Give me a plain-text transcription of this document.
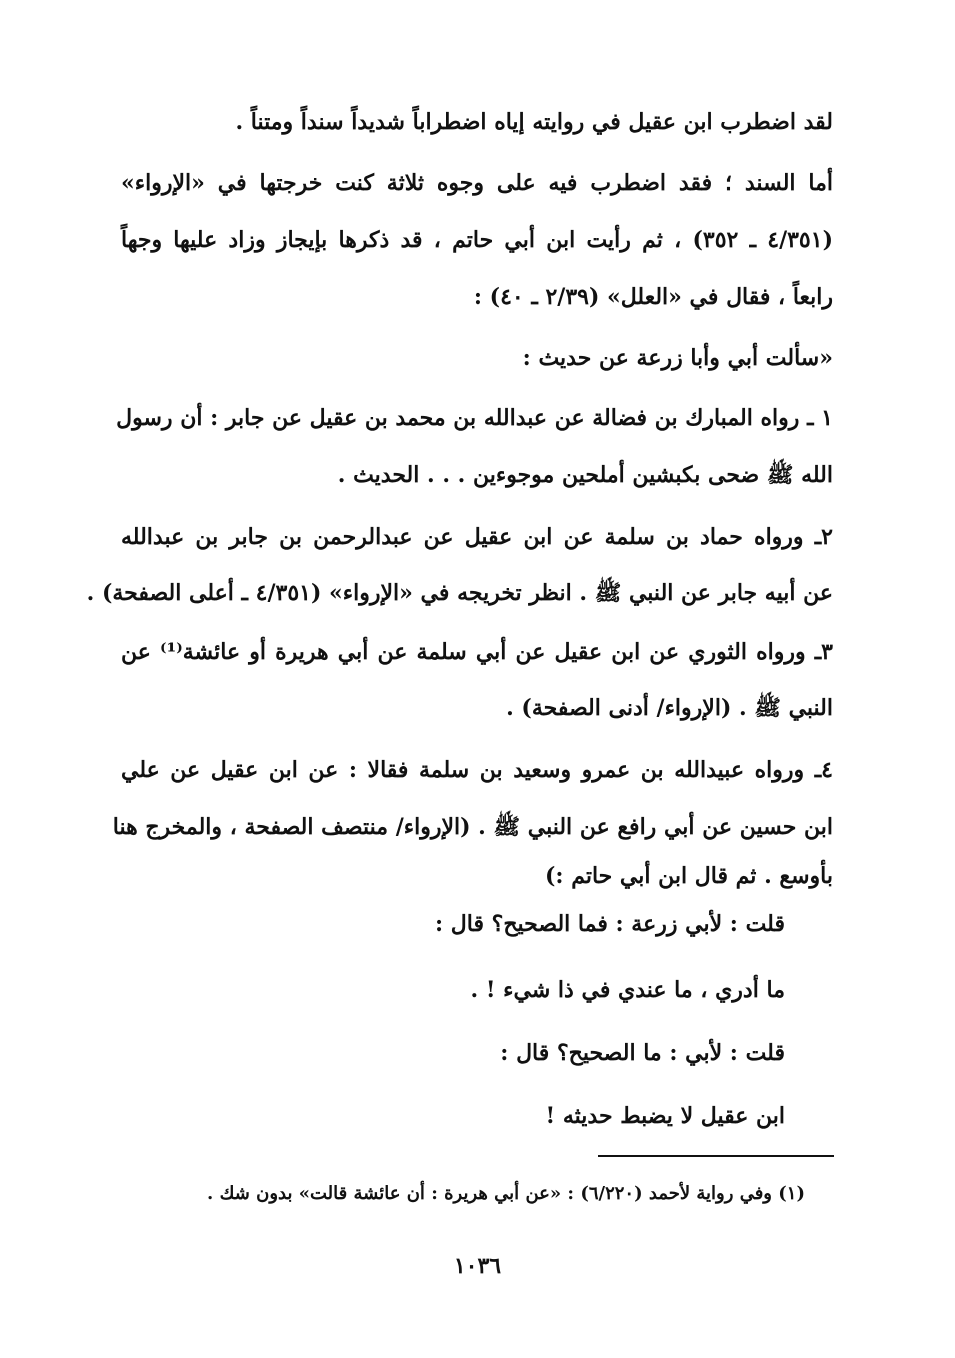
لقد اضطرب ابن عقيل في روايته إياه اضطراباً شديداً سنداً ومتناً .
أما السند ؛ فقد اضطرب فيه على وجوه ثلاثة كنت خرجتها في «الإرواء»
(٤/٣٥١ ـ ٣٥٢) ، ثم رأيت ابن أبي حاتم ، قد ذكرها بإيجاز وزاد عليها وجهاً
رابعاً ، فقال في «العلل» (٢/٣٩ ـ ٤٠) :
«سألت أبي وأبا زرعة عن حديث :
١ ـ رواه المبارك بن فضالة عن عبدالله بن محمد بن عقيل عن جابر : أن رسول
الله ﷺ ضحى بكبشين أملحين موجوءين . . . الحديث .
٢ـ ورواه حماد بن سلمة عن ابن عقيل عن عبدالرحمن بن جابر بن عبدالله
عن أبيه جابر عن النبي ﷺ . انظر تخريجه في «الإرواء» (٤/٣٥١ ـ أعلى الصفحة) .
٣ـ ورواه الثوري عن ابن عقيل عن أبي سلمة عن أبي هريرة أو عائشة⁽¹⁾ عن
النبي ﷺ . (الإرواء/ أدنى الصفحة) .
٤ـ ورواه عبيدالله بن عمرو وسعيد بن سلمة فقالا : عن ابن عقيل عن علي
ابن حسين عن أبي رافع عن النبي ﷺ . (الإرواء/ منتصف الصفحة ، والمخرج هنا
بأوسع . ثم قال ابن أبي حاتم :)
قلت : لأبي زرعة : فما الصحيح؟ قال :
ما أدري ، ما عندي في ذا شيء ! .
قلت : لأبي : ما الصحيح؟ قال :
ابن عقيل لا يضبط حديثه !
(١) وفي رواية لأحمد (٦/٢٢٠) : «عن أبي هريرة : أن عائشة قالت» بدون شك .
١٠٣٦
